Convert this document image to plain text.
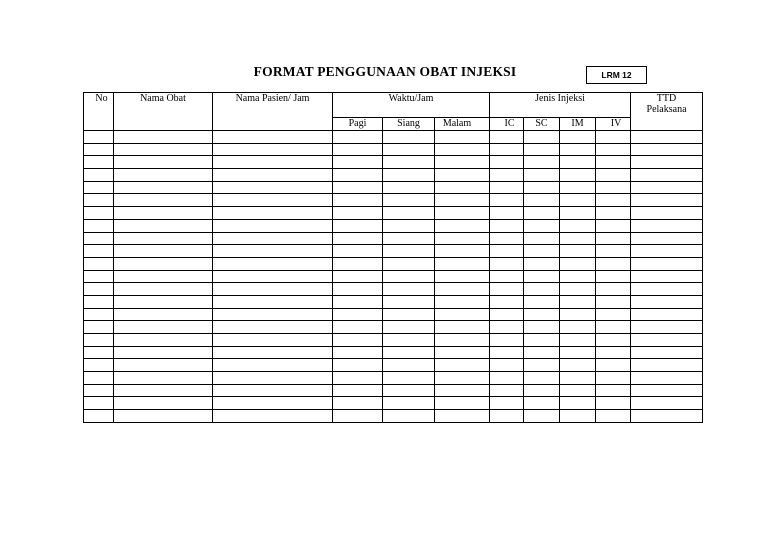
FORMAT PENGGUNAAN OBAT INJEKSI	LRM 12
No	Nama Obat	Nama Pasien/ Jam	Waktu/Jam			Jenis Injeksi				TTD
Pelaksana

			Pagi	Siang	Malam	IC	SC	IM	IV	
